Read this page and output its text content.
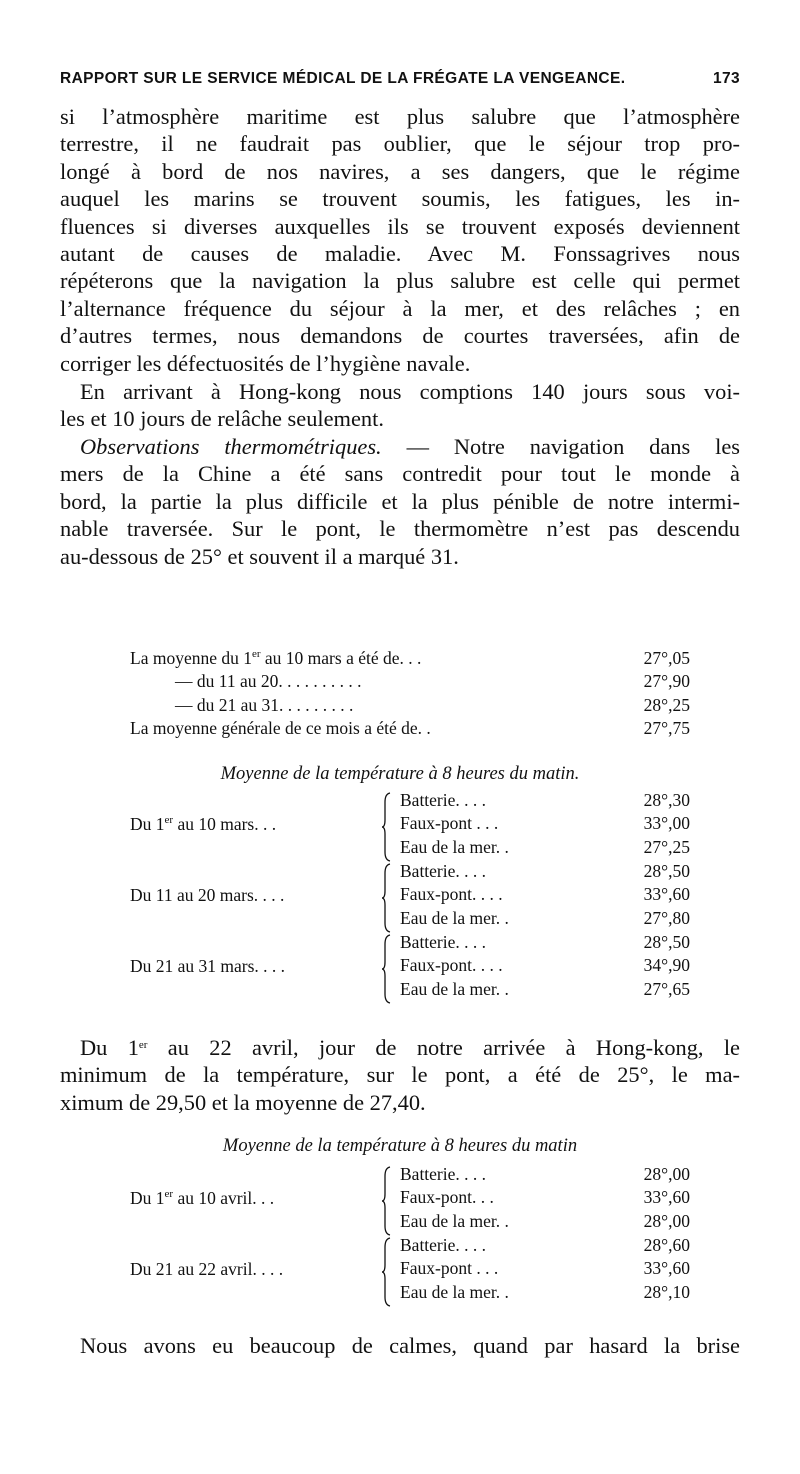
RAPPORT SUR LE SERVICE MÉDICAL DE LA FRÉGATE LA VENGEANCE.	173
si l’atmosphère maritime est plus salubre que l’atmosphère
terrestre, il ne faudrait pas oublier, que le séjour trop pro-
longé à bord de nos navires, a ses dangers, que le régime
auquel les marins se trouvent soumis, les fatigues, les in-
fluences si diverses auxquelles ils se trouvent exposés deviennent
autant de causes de maladie. Avec M. Fonssagrives nous
répéterons que la navigation la plus salubre est celle qui permet
l’alternance fréquence du séjour à la mer, et des relâches ; en
d’autres termes, nous demandons de courtes traversées, afin de
corriger les défectuosités de l’hygiène navale.
En arrivant à Hong-kong nous comptions 140 jours sous voi-
les et 10 jours de relâche seulement.
Observations thermométriques. — Notre navigation dans les
mers de la Chine a été sans contredit pour tout le monde à
bord, la partie la plus difficile et la plus pénible de notre intermi-
nable traversée. Sur le pont, le thermomètre n’est pas descendu
au-dessous de 25° et souvent il a marqué 31.
La moyenne du 1er au 10 mars a été de. . .	27°,05
— du 11 au 20. . . . . . . . . .	27°,90
— du 21 au 31. . . . . . . . .	28°,25
La moyenne générale de ce mois a été de. .	27°,75
Moyenne de la température à 8 heures du matin.
Du 1er au 10 mars. . .
Batterie. . . .	28°,30
Faux-pont . . .	33°,00
Eau de la mer. .	27°,25
Du 11 au 20 mars. . . .
Batterie. . . .	28°,50
Faux-pont. . . .	33°,60
Eau de la mer. .	27°,80
Du 21 au 31 mars. . . .
Batterie. . . .	28°,50
Faux-pont. . . .	34°,90
Eau de la mer. .	27°,65
Du 1er au 22 avril, jour de notre arrivée à Hong-kong, le
minimum de la température, sur le pont, a été de 25°, le ma-
ximum de 29,50 et la moyenne de 27,40.
Moyenne de la température à 8 heures du matin
Du 1er au 10 avril. . .
Batterie. . . .	28°,00
Faux-pont. . .	33°,60
Eau de la mer. .	28°,00
Du 21 au 22 avril. . . .
Batterie. . . .	28°,60
Faux-pont . . .	33°,60
Eau de la mer. .	28°,10
Nous avons eu beaucoup de calmes, quand par hasard la brise
